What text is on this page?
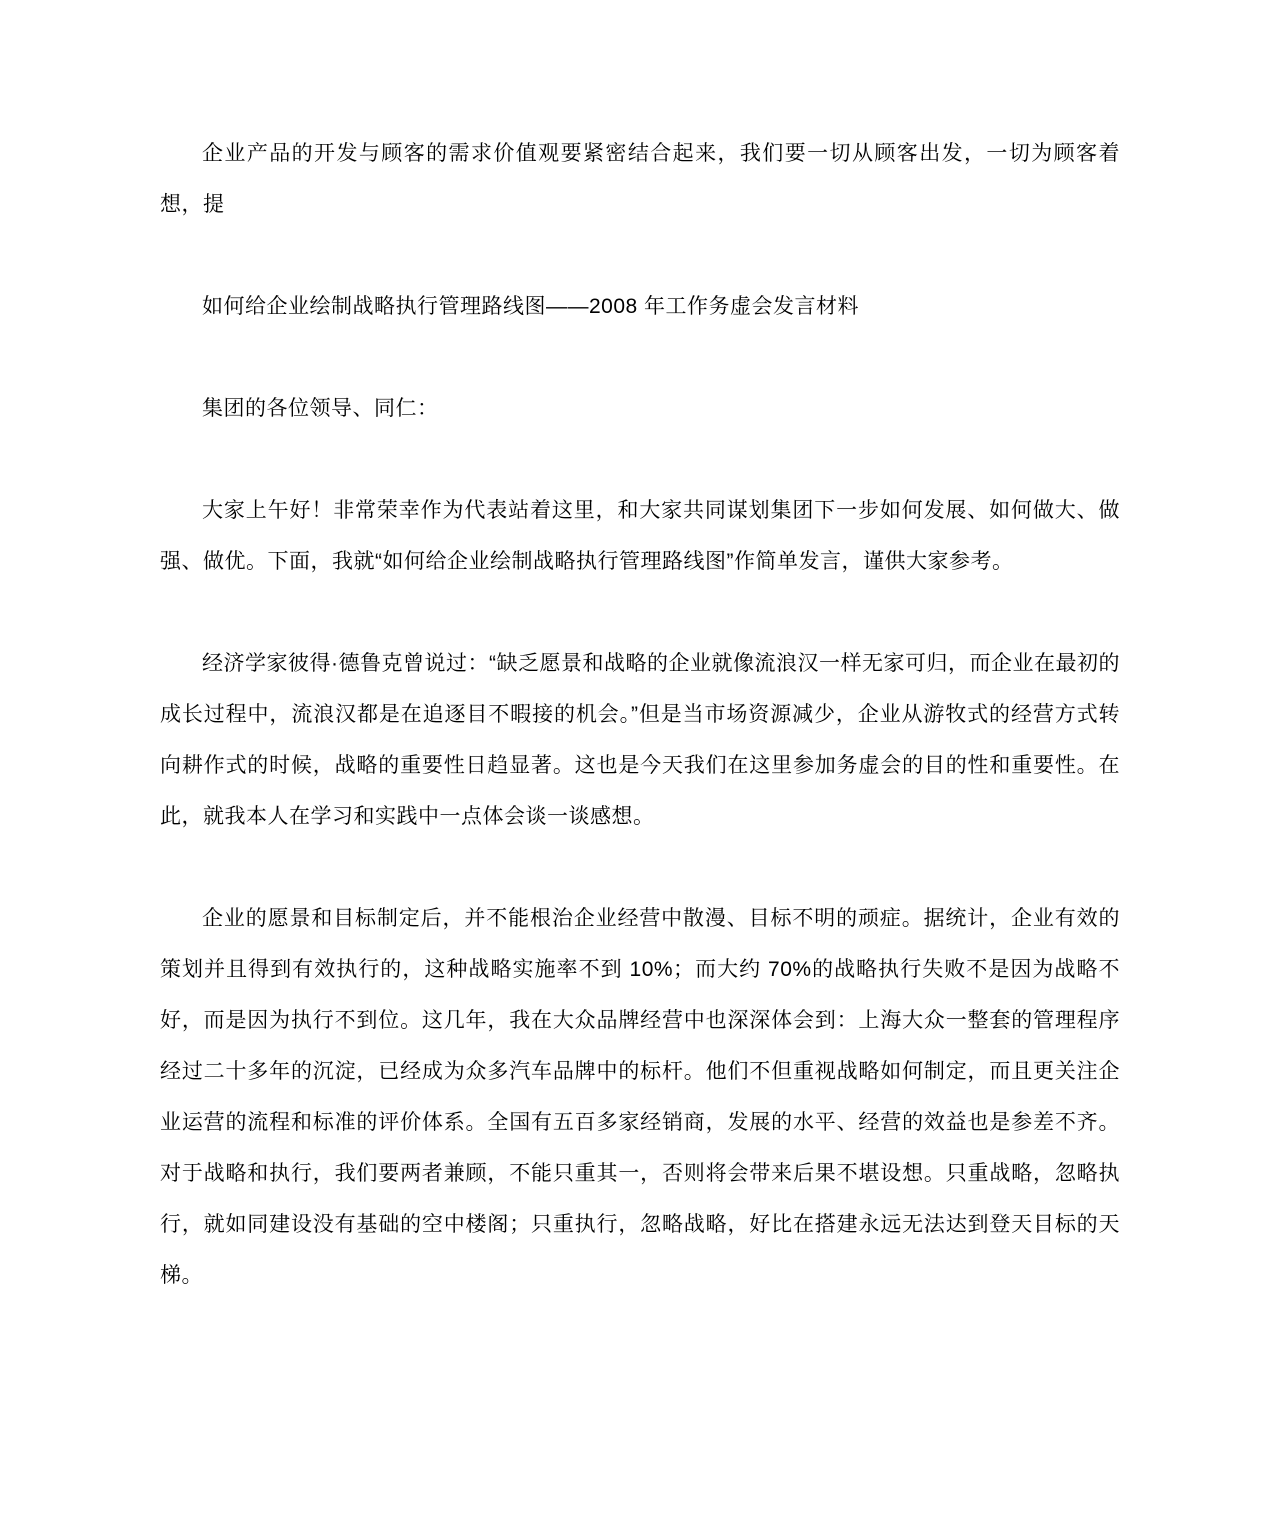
企业产品的开发与顾客的需求价值观要紧密结合起来，我们要一切从顾客出发，一切为顾客着想，提

如何给企业绘制战略执行管理路线图——2008 年工作务虚会发言材料

集团的各位领导、同仁：

大家上午好！非常荣幸作为代表站着这里，和大家共同谋划集团下一步如何发展、如何做大、做强、做优。下面，我就“如何给企业绘制战略执行管理路线图”作简单发言，谨供大家参考。

经济学家彼得·德鲁克曾说过：“缺乏愿景和战略的企业就像流浪汉一样无家可归，而企业在最初的成长过程中，流浪汉都是在追逐目不暇接的机会。”但是当市场资源减少，企业从游牧式的经营方式转向耕作式的时候，战略的重要性日趋显著。这也是今天我们在这里参加务虚会的目的性和重要性。在此，就我本人在学习和实践中一点体会谈一谈感想。

企业的愿景和目标制定后，并不能根治企业经营中散漫、目标不明的顽症。据统计，企业有效的策划并且得到有效执行的，这种战略实施率不到 10%；而大约 70%的战略执行失败不是因为战略不好，而是因为执行不到位。这几年，我在大众品牌经营中也深深体会到：上海大众一整套的管理程序经过二十多年的沉淀，已经成为众多汽车品牌中的标杆。他们不但重视战略如何制定，而且更关注企业运营的流程和标准的评价体系。全国有五百多家经销商，发展的水平、经营的效益也是参差不齐。对于战略和执行，我们要两者兼顾，不能只重其一，否则将会带来后果不堪设想。只重战略，忽略执行，就如同建设没有基础的空中楼阁；只重执行，忽略战略，好比在搭建永远无法达到登天目标的天梯。
